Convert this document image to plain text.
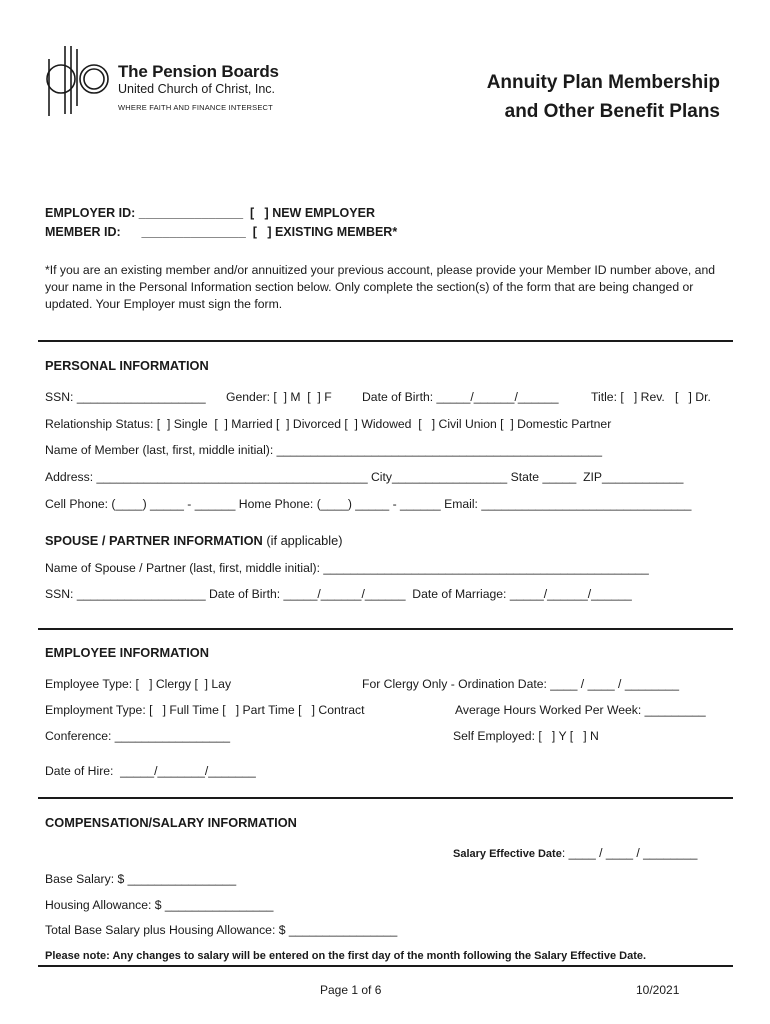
The Pension Boards
United Church of Christ, Inc.
WHERE FAITH AND FINANCE INTERSECT
Annuity Plan Membership
and Other Benefit Plans
EMPLOYER ID: _______________  [   ] NEW EMPLOYER
MEMBER ID:      _______________  [   ] EXISTING MEMBER*
*If you are an existing member and/or annuitized your previous account, please provide your Member ID number above, and your name in the Personal Information section below. Only complete the section(s) of the form that are being changed or updated. Your Employer must sign the form.
PERSONAL INFORMATION
SSN: ___________________ Gender: [  ] M  [  ] F Date of Birth: _____/______/______	Title: [   ] Rev.   [   ] Dr.
Relationship Status: [  ] Single  [  ] Married [  ] Divorced [  ] Widowed  [   ] Civil Union [  ] Domestic Partner
Name of Member (last, first, middle initial): ________________________________________________
Address: ________________________________________ City_________________ State _____  ZIP____________
Cell Phone: (____) _____ - ______ Home Phone: (____) _____ - ______ Email: _______________________________
SPOUSE / PARTNER INFORMATION (if applicable)
Name of Spouse / Partner (last, first, middle initial): ________________________________________________
SSN: ___________________ Date of Birth: _____/______/______  Date of Marriage: _____/______/______
EMPLOYEE INFORMATION
Employee Type: [   ] Clergy [  ] Lay	For Clergy Only - Ordination Date: ____ / ____ / ________
Employment Type: [   ] Full Time [   ] Part Time [   ] Contract	Average Hours Worked Per Week: _________
Conference: _________________	Self Employed: [   ] Y [   ] N
Date of Hire:  _____/_______/_______
COMPENSATION/SALARY INFORMATION
Salary Effective Date: ____ / ____ / ________
Base Salary: $ ________________
Housing Allowance: $ ________________
Total Base Salary plus Housing Allowance: $ ________________
Please note: Any changes to salary will be entered on the first day of the month following the Salary Effective Date.
Page 1 of 6	10/2021
